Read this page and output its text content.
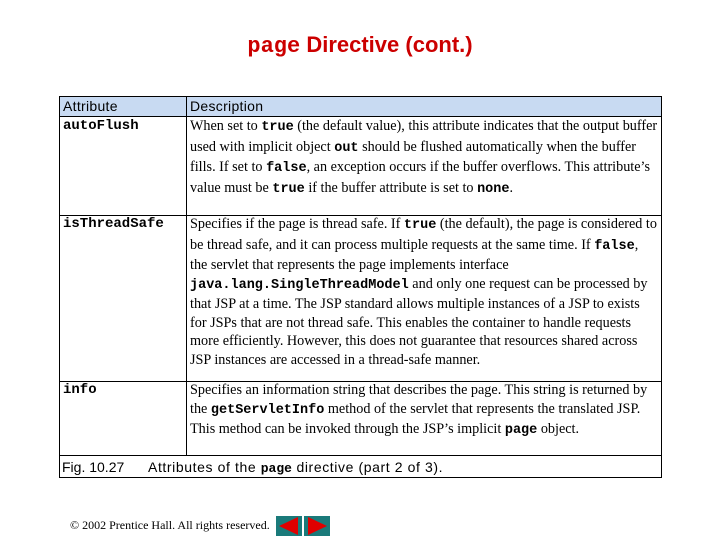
page Directive (cont.)
Attribute	Description
autoFlush	When set to true (the default value), this attribute indicates that the output buffer used with implicit object out should be flushed automatically when the buffer fills. If set to false, an exception occurs if the buffer overflows. This attribute’s value must be true if the buffer attribute is set to none.
isThreadSafe Specifies if the page is thread safe. If true (the default), the page is considered to be thread safe, and it can process multiple requests at the same time. If false, the servlet that represents the page implements interface java.lang.SingleThreadModel and only one request can be processed by that JSP at a time. The JSP standard allows multiple instances of a JSP to exists for JSPs that are not thread safe. This enables the container to handle requests more efficiently. However, this does not guarantee that resources shared across JSP instances are accessed in a thread-safe manner.
info	Specifies an information string that describes the page. This string is returned by the getServletInfo method of the servlet that represents the translated JSP. This method can be invoked through the JSP’s implicit page object.
Fig. 10.27 Attributes of the page directive (part 2 of 3).
© 2002 Prentice Hall. All rights reserved.
